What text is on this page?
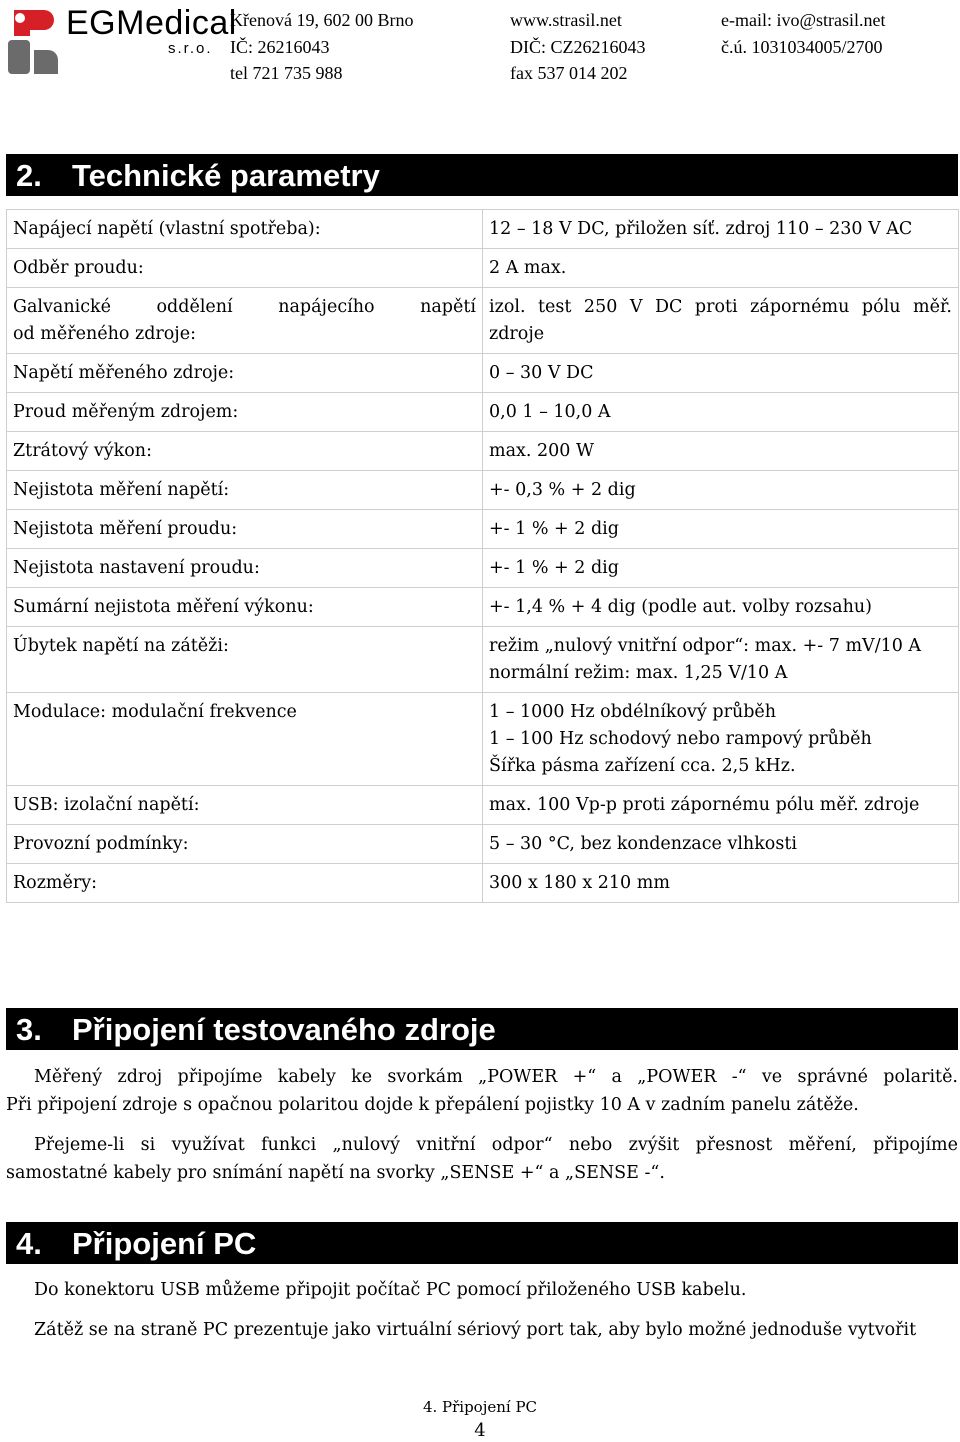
EGMedical
s.r.o.
Křenová 19, 602 00 Brno
IČ: 26216043
tel 721 735 988
www.strasil.net
DIČ: CZ26216043
fax 537 014 202
e-mail: ivo@strasil.net
č.ú. 1031034005/2700
2. Technické parametry
Napájecí napětí (vlastní spotřeba):	12 – 18 V DC, přiložen síť. zdroj 110 – 230 V AC
Odběr proudu:	2 A max.

Galvanické oddělení napájecího napětí
od měřeného zdroje:	izol. test 250 V DC proti zápornému pólu měř.
zdroje

Napětí měřeného zdroje:	0 – 30 V DC
Proud měřeným zdrojem:	0,0 1 – 10,0 A
Ztrátový výkon:	max. 200 W
Nejistota měření napětí:	+- 0,3 % + 2 dig
Nejistota měření proudu:	+- 1 % + 2 dig
Nejistota nastavení proudu:	+- 1 % + 2 dig
Sumární nejistota měření výkonu:	+- 1,4 % + 4 dig (podle aut. volby rozsahu)
Úbytek napětí na zátěži:	režim „nulový vnitřní odpor“: max. +- 7 mV/10 A
normální režim: max. 1,25 V/10 A

Modulace: modulační frekvence	1 – 1000 Hz obdélníkový průběh
1 – 100 Hz schodový nebo rampový průběh
Šířka pásma zařízení cca. 2,5 kHz.

USB: izolační napětí:	max. 100 Vp-p proti zápornému pólu měř. zdroje
Provozní podmínky:	5 – 30 °C, bez kondenzace vlhkosti
Rozměry:	300 x 180 x 210 mm
3. Připojení testovaného zdroje
Měřený zdroj připojíme kabely ke svorkám „POWER +“ a „POWER -“ ve správné polaritě.
Při připojení zdroje s opačnou polaritou dojde k přepálení pojistky 10 A v zadním panelu zátěže.
Přejeme-li si využívat funkci „nulový vnitřní odpor“ nebo zvýšit přesnost měření, připojíme
samostatné kabely pro snímání napětí na svorky „SENSE +“ a „SENSE -“.
4. Připojení PC
Do konektoru USB můžeme připojit počítač PC pomocí přiloženého USB kabelu.
Zátěž se na straně PC prezentuje jako virtuální sériový port tak, aby bylo možné jednoduše vytvořit
4. Připojení PC
4
